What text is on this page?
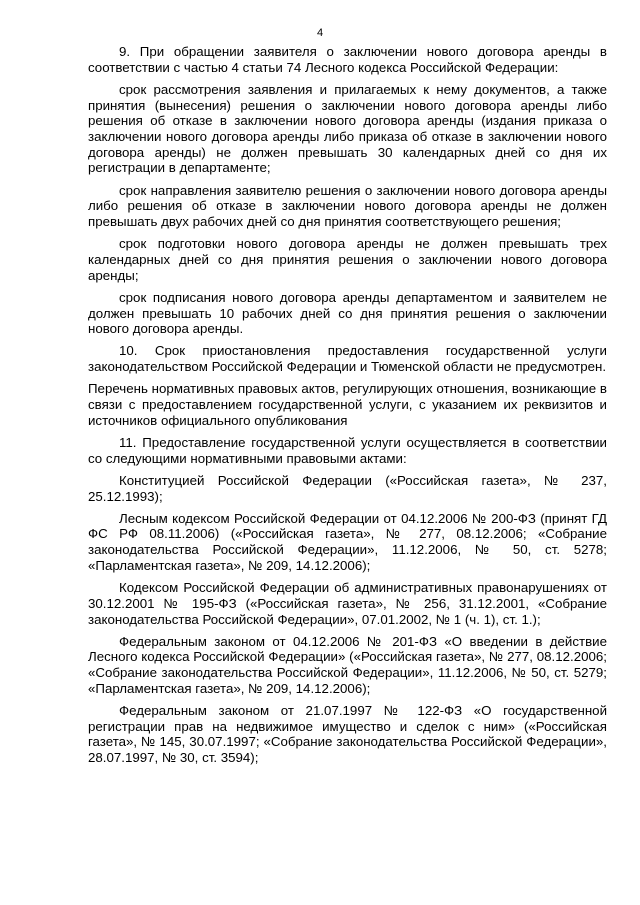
4

9. При обращении заявителя о заключении нового договора аренды в соответствии с частью 4 статьи 74 Лесного кодекса Российской Федерации:

срок рассмотрения заявления и прилагаемых к нему документов, а также принятия (вынесения) решения о заключении нового договора аренды либо решения об отказе в заключении нового договора аренды (издания приказа о заключении нового договора аренды либо приказа об отказе в заключении нового договора аренды) не должен превышать 30 календарных дней со дня их регистрации в департаменте;

срок направления заявителю решения о заключении нового договора аренды либо решения об отказе в заключении нового договора аренды не должен превышать двух рабочих дней со дня принятия соответствующего решения;

срок подготовки нового договора аренды не должен превышать трех календарных дней со дня принятия решения о заключении нового договора аренды;

срок подписания нового договора аренды департаментом и заявителем не должен превышать 10 рабочих дней со дня принятия решения о заключении нового договора аренды.

10. Срок приостановления предоставления государственной услуги законодательством Российской Федерации и Тюменской области не предусмотрен.

Перечень нормативных правовых актов, регулирующих отношения, возникающие в связи с предоставлением государственной услуги, с указанием их реквизитов и источников официального опубликования

11. Предоставление государственной услуги осуществляется в соответствии со следующими нормативными правовыми актами:

Конституцией Российской Федерации («Российская газета», № 237, 25.12.1993);

Лесным кодексом Российской Федерации от 04.12.2006 № 200-ФЗ (принят ГД ФС РФ 08.11.2006) («Российская газета», № 277, 08.12.2006; «Собрание законодательства Российской Федерации», 11.12.2006, № 50, ст. 5278; «Парламентская газета», № 209, 14.12.2006);

Кодексом Российской Федерации об административных правонарушениях от 30.12.2001 № 195-ФЗ («Российская газета», № 256, 31.12.2001, «Собрание законодательства Российской Федерации», 07.01.2002, № 1 (ч. 1), ст. 1.);

Федеральным законом от 04.12.2006 № 201-ФЗ «О введении в действие Лесного кодекса Российской Федерации» («Российская газета», № 277, 08.12.2006; «Собрание законодательства Российской Федерации», 11.12.2006, № 50, ст. 5279; «Парламентская газета», № 209, 14.12.2006);

Федеральным законом от 21.07.1997 № 122-ФЗ «О государственной регистрации прав на недвижимое имущество и сделок с ним» («Российская газета», № 145, 30.07.1997; «Собрание законодательства Российской Федерации», 28.07.1997, № 30, ст. 3594);
